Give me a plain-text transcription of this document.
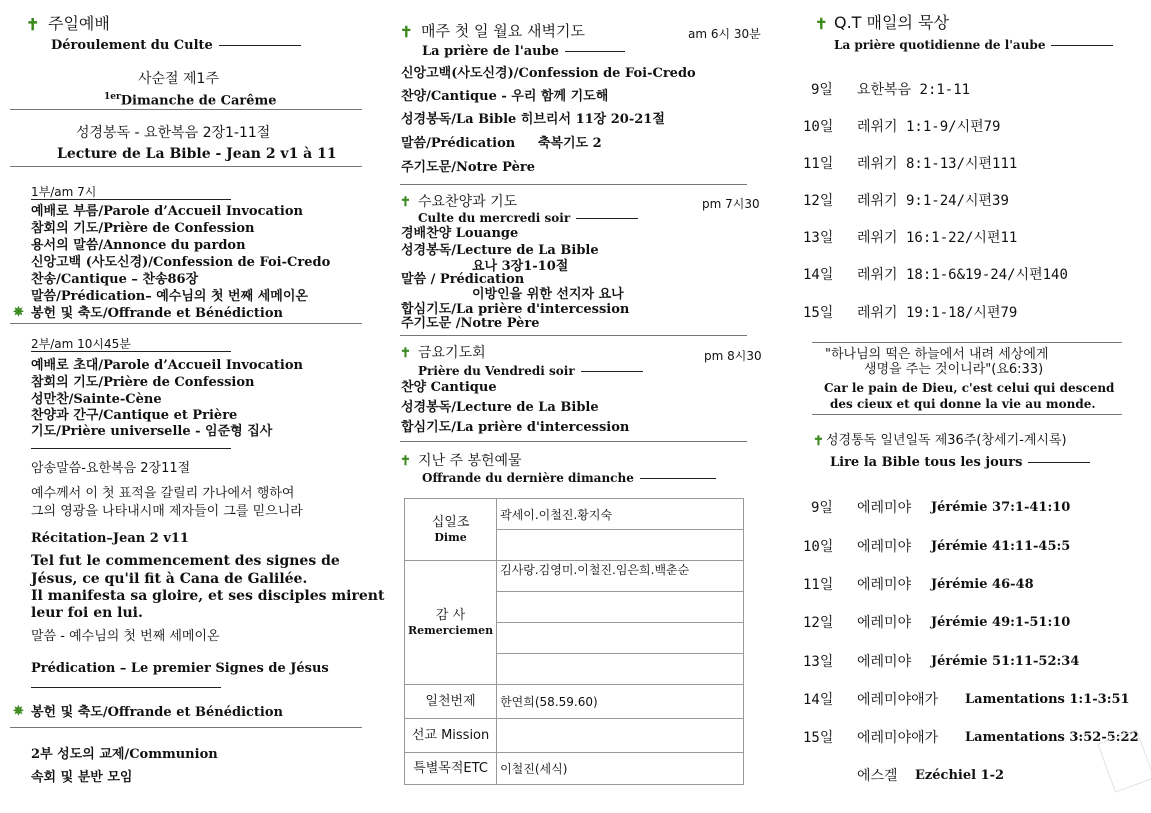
✝ 주일예배
Déroulement du Culte
사순절 제1주
$^{1er}$Dimanche de Carême
성경봉독 - 요한복음 2장1-11절
Lecture de La Bible - Jean 2 v1 à 11
1부/am 7시
예배로 부름/Parole d’Accueil Invocation
참회의 기도/Prière de Confession
용서의 말씀/Annonce du pardon
신앙고백 (사도신경)/Confession de Foi-Credo
찬송/Cantique – 찬송86장
말씀/Prédication– 예수님의 첫 번째 세메이온
✵ 봉헌 및 축도/Offrande et Bénédiction
2부/am 10시45분
예배로 초대/Parole d’Accueil Invocation
참회의 기도/Prière de Confession
성만찬/Sainte-Cène
찬양과 간구/Cantique et Prière
기도/Prière universelle - 임준형 집사
암송말씀-요한복음 2장11절
예수께서 이 첫 표적을 갈릴리 가나에서 행하여
그의 영광을 나타내시매 제자들이 그를 믿으니라
Récitation–Jean 2 v11
Tel fut le commencement des signes de
Jésus, ce qu'il fit à Cana de Galilée.
Il manifesta sa gloire, et ses disciples mirent
leur foi en lui.
말씀 - 예수님의 첫 번째 세메이온
Prédication – Le premier Signes de Jésus
✵ 봉헌 및 축도/Offrande et Bénédiction
2부 성도의 교제/Communion
속회 및 분반 모임
✝ 매주 첫 일 월요 새벽기도	am 6시 30분
La prière de l'aube
신앙고백(사도신경)/Confession de Foi-Credo
찬양/Cantique - 우리 함께 기도해
성경봉독/La Bible 히브리서 11장 20-21절
말씀/Prédication     축복기도 2
주기도문/Notre Père
✝ 수요찬양과 기도	pm 7시30
Culte du mercredi soir
경배찬양 Louange
성경봉독/Lecture de La Bible
요나 3장1-10절
말씀 / Prédication
이방인을 위한 선지자 요나
합심기도/La prière d'intercession
주기도문 /Notre Père
✝ 금요기도회	pm 8시30
Prière du Vendredi soir
찬양 Cantique
성경봉독/Lecture de La Bible
합심기도/La prière d'intercession
✝ 지난 주 봉헌예물
Offrande du dernière dimanche
십일조
Dime	곽세이.이철진.황지숙

감 사
Remerciemen	김사랑.김영미.이철진.임은희.백춘순

일천번제	한연희(58.59.60)
선교 Mission	
특별목적ETC	이철진(세식)
✝ Q.T 매일의 묵상
La prière quotidienne de l'aube
9일 요한복음 2:1-11
10일 레위기 1:1-9/시편79
11일 레위기 8:1-13/시편111
12일 레위기 9:1-24/시편39
13일 레위기 16:1-22/시편11
14일 레위기 18:1-6&19-24/시편140
15일 레위기 19:1-18/시편79
"하나님의 떡은 하늘에서 내려 세상에게
생명을 주는 것이니라"(요6:33)
Car le pain de Dieu, c'est celui qui descend
des cieux et qui donne la vie au monde.
✝ 성경통독 일년일독 제36주(창세기-계시록)
Lire la Bible tous les jours
9일 에레미야 Jérémie 37:1-41:10
10일 에레미야 Jérémie 41:11-45:5
11일 에레미야 Jérémie 46-48
12일 에레미야 Jérémie 49:1-51:10
13일 에레미야 Jérémie 51:11-52:34
14일 에레미야애가 Lamentations 1:1-3:51
15일 에레미야애가 Lamentations 3:52-5:22
에스겔 Ezéchiel 1-2
